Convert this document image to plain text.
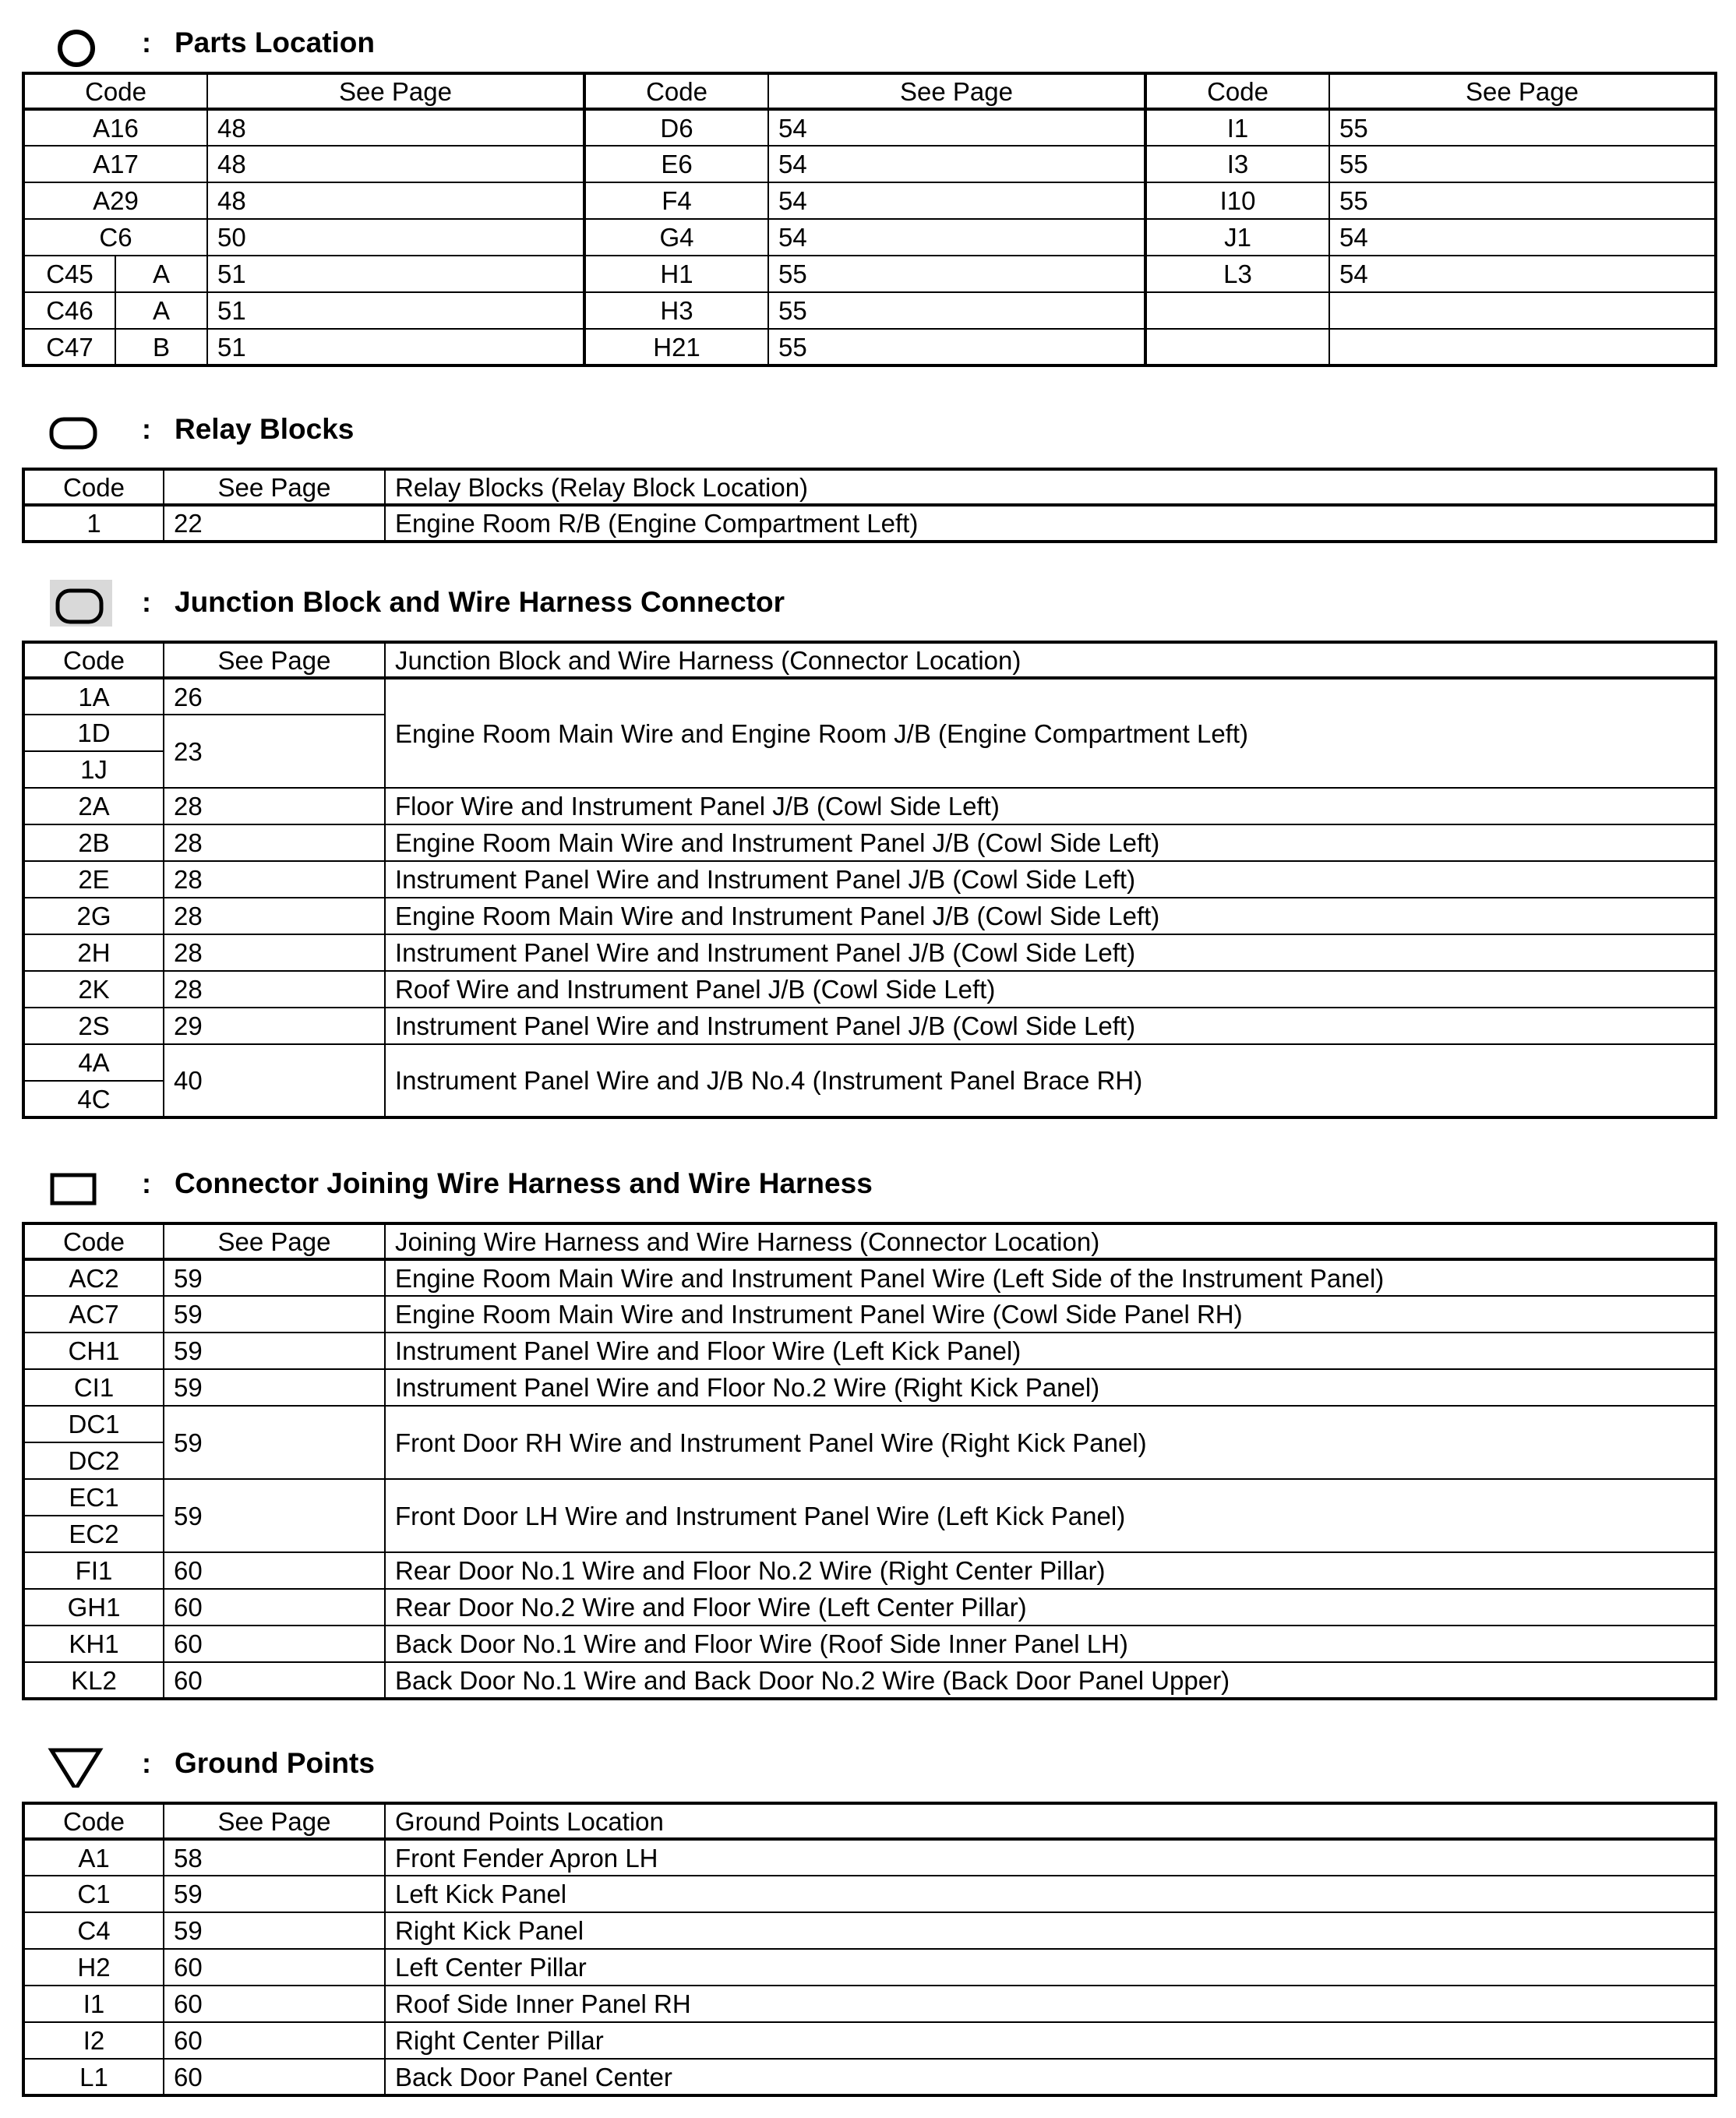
: Parts Location
Code		See Page	Code	See Page	Code	See Page
A16		48	D6	54	I1	55
A17		48	E6	54	I3	55
A29		48	F4	54	I10	55
C6		50	G4	54	J1	54
C45	A	51	H1	55	L3	54
C46	A	51	H3	55		
C47	B	51	H21	55		
: Relay Blocks
Code	See Page	Relay Blocks (Relay Block Location)
1	22	Engine Room R/B (Engine Compartment Left)
: Junction Block and Wire Harness Connector
Code	See Page	Junction Block and Wire Harness (Connector Location)
1A	26	Engine Room Main Wire and Engine Room J/B (Engine Compartment Left)
1D	23	
1J		
2A	28	Floor Wire and Instrument Panel J/B (Cowl Side Left)
2B	28	Engine Room Main Wire and Instrument Panel J/B (Cowl Side Left)
2E	28	Instrument Panel Wire and Instrument Panel J/B (Cowl Side Left)
2G	28	Engine Room Main Wire and Instrument Panel J/B (Cowl Side Left)
2H	28	Instrument Panel Wire and Instrument Panel J/B (Cowl Side Left)
2K	28	Roof Wire and Instrument Panel J/B (Cowl Side Left)
2S	29	Instrument Panel Wire and Instrument Panel J/B (Cowl Side Left)
4A	40	Instrument Panel Wire and J/B No.4 (Instrument Panel Brace RH)
4C		
: Connector Joining Wire Harness and Wire Harness
Code	See Page	Joining Wire Harness and Wire Harness (Connector Location)
AC2	59	Engine Room Main Wire and Instrument Panel Wire (Left Side of the Instrument Panel)
AC7	59	Engine Room Main Wire and Instrument Panel Wire (Cowl Side Panel RH)
CH1	59	Instrument Panel Wire and Floor Wire (Left Kick Panel)
CI1	59	Instrument Panel Wire and Floor No.2 Wire (Right Kick Panel)
DC1	59	Front Door RH Wire and Instrument Panel Wire (Right Kick Panel)
DC2		
EC1	59	Front Door LH Wire and Instrument Panel Wire (Left Kick Panel)
EC2		
FI1	60	Rear Door No.1 Wire and Floor No.2 Wire (Right Center Pillar)
GH1	60	Rear Door No.2 Wire and Floor Wire (Left Center Pillar)
KH1	60	Back Door No.1 Wire and Floor Wire (Roof Side Inner Panel LH)
KL2	60	Back Door No.1 Wire and Back Door No.2 Wire (Back Door Panel Upper)
: Ground Points
Code	See Page	Ground Points Location
A1	58	Front Fender Apron LH
C1	59	Left Kick Panel
C4	59	Right Kick Panel
H2	60	Left Center Pillar
I1	60	Roof Side Inner Panel RH
I2	60	Right Center Pillar
L1	60	Back Door Panel Center
